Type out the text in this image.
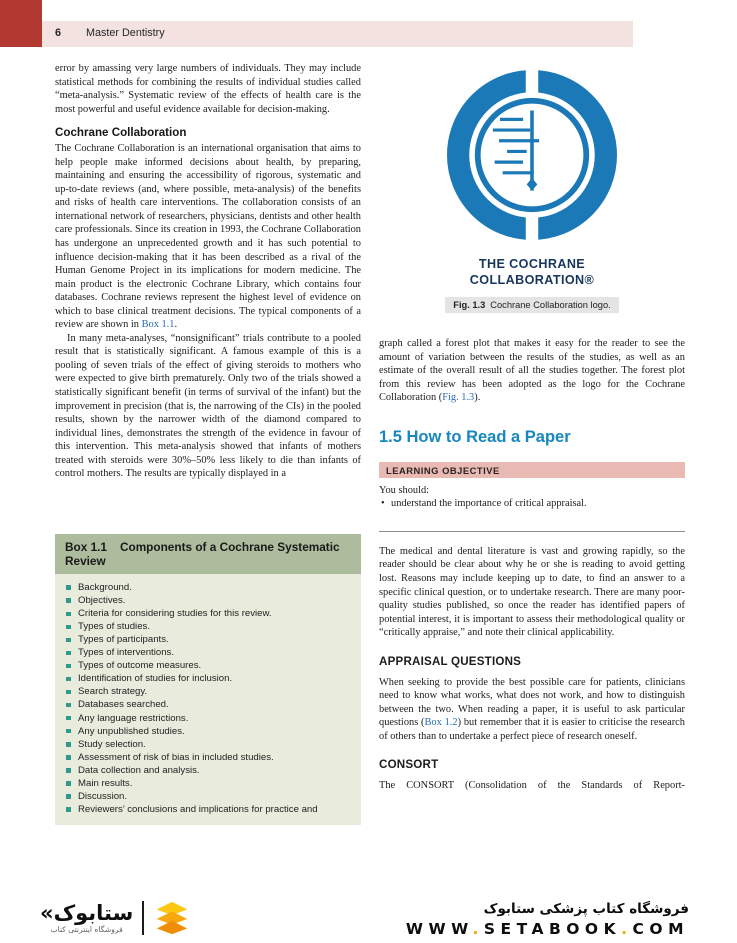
6 Master Dentistry

error by amassing very large numbers of individuals. They may include statistical methods for combining the results of individual studies called “meta-analysis.” Systematic review of the effects of health care is the most powerful and useful evidence available for decision-making.

Cochrane Collaboration

The Cochrane Collaboration is an international organisation that aims to help people make informed decisions about health, by preparing, maintaining and ensuring the accessibility of rigorous, systematic and up-to-date reviews (and, where possible, meta-analysis) of the benefits and risks of health care interventions. The collaboration consists of an international network of researchers, physicians, dentists and other health care professionals. Since its creation in 1993, the Cochrane Collaboration has undergone an unprecedented growth and it has such potential to influence decision-making that it has been described as a rival of the Human Genome Project in its implications for modern medicine. The main product is the electronic Cochrane Library, which contains four databases. Cochrane reviews represent the highest level of evidence on which to base clinical treatment decisions. The typical components of a review are shown in Box 1.1.

In many meta-analyses, “nonsignificant” trials contribute to a pooled result that is statistically significant. A famous example of this is a pooling of seven trials of the effect of giving steroids to mothers who were expected to give birth prematurely. Only two of the trials showed a statistically significant benefit (in terms of survival of the infant) but the improvement in precision (that is, the narrowing of the CIs) in the pooled results, shown by the narrower width of the diamond compared to individual lines, demonstrates the strength of the evidence in favour of this intervention. This meta-analysis showed that infants of mothers treated with steroids were 30%–50% less likely to die than infants of control mothers. The results are typically displayed in a

Box 1.1 Components of a Cochrane Systematic Review
Background.
Objectives.
Criteria for considering studies for this review.
Types of studies.
Types of participants.
Types of interventions.
Types of outcome measures.
Identification of studies for inclusion.
Search strategy.
Databases searched.
Any language restrictions.
Any unpublished studies.
Study selection.
Assessment of risk of bias in included studies.
Data collection and analysis.
Main results.
Discussion.
Reviewers’ conclusions and implications for practice and
THE COCHRANE
COLLABORATION®
Fig. 1.3 Cochrane Collaboration logo.

graph called a forest plot that makes it easy for the reader to see the amount of variation between the results of the studies, as well as an estimate of the overall result of all the studies together. The forest plot from this review has been adopted as the logo for the Cochrane Collaboration (Fig. 1.3).

1.5 How to Read a Paper
LEARNING OBJECTIVE
You should:
• understand the importance of critical appraisal.

The medical and dental literature is vast and growing rapidly, so the reader should be clear about why he or she is reading to avoid getting lost. Reasons may include keeping up to date, to find an answer to a specific clinical question, or to undertake research. There are many poor-quality studies published, so once the reader has identified papers of potential interest, it is important to assess their methodological quality or “critically appraise,” and note their clinical applicability.

APPRAISAL QUESTIONS

When seeking to provide the best possible care for patients, clinicians need to know what works, what does not work, and how to distinguish between the two. When reading a paper, it is useful to ask particular questions (Box 1.2) but remember that it is easier to criticise the research of others than to undertake a perfect piece of research oneself.

CONSORT

The CONSORT (Consolidation of the Standards of Report-

«ستابوک
فروشگاه اینترنتی کتاب
فروشگاه کتاب پزشکی ستابوک
WWW.SETABOOK.COM
